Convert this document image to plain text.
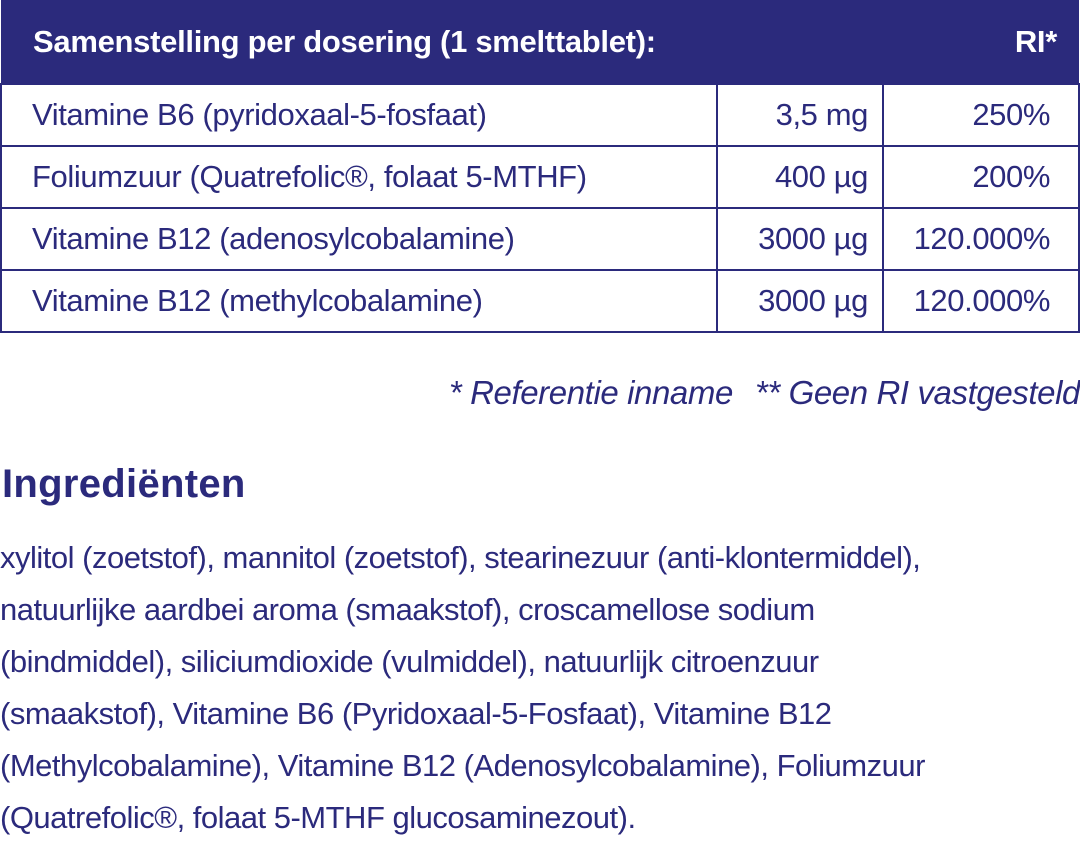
Samenstelling per dosering (1 smelttablet):		RI*
Vitamine B6 (pyridoxaal-5-fosfaat)	3,5 mg	250%
Foliumzuur (Quatrefolic®, folaat 5-MTHF)	400 µg	200%
Vitamine B12 (adenosylcobalamine)	3000 µg	120.000%
Vitamine B12 (methylcobalamine)	3000 µg	120.000%
* Referentie inname ** Geen RI vastgesteld
Ingrediënten

xylitol (zoetstof), mannitol (zoetstof), stearinezuur (anti-klontermiddel),
natuurlijke aardbei aroma (smaakstof), croscamellose sodium
(bindmiddel), siliciumdioxide (vulmiddel), natuurlijk citroenzuur
(smaakstof), Vitamine B6 (Pyridoxaal-5-Fosfaat), Vitamine B12
(Methylcobalamine), Vitamine B12 (Adenosylcobalamine), Foliumzuur
(Quatrefolic®, folaat 5-MTHF glucosaminezout).
